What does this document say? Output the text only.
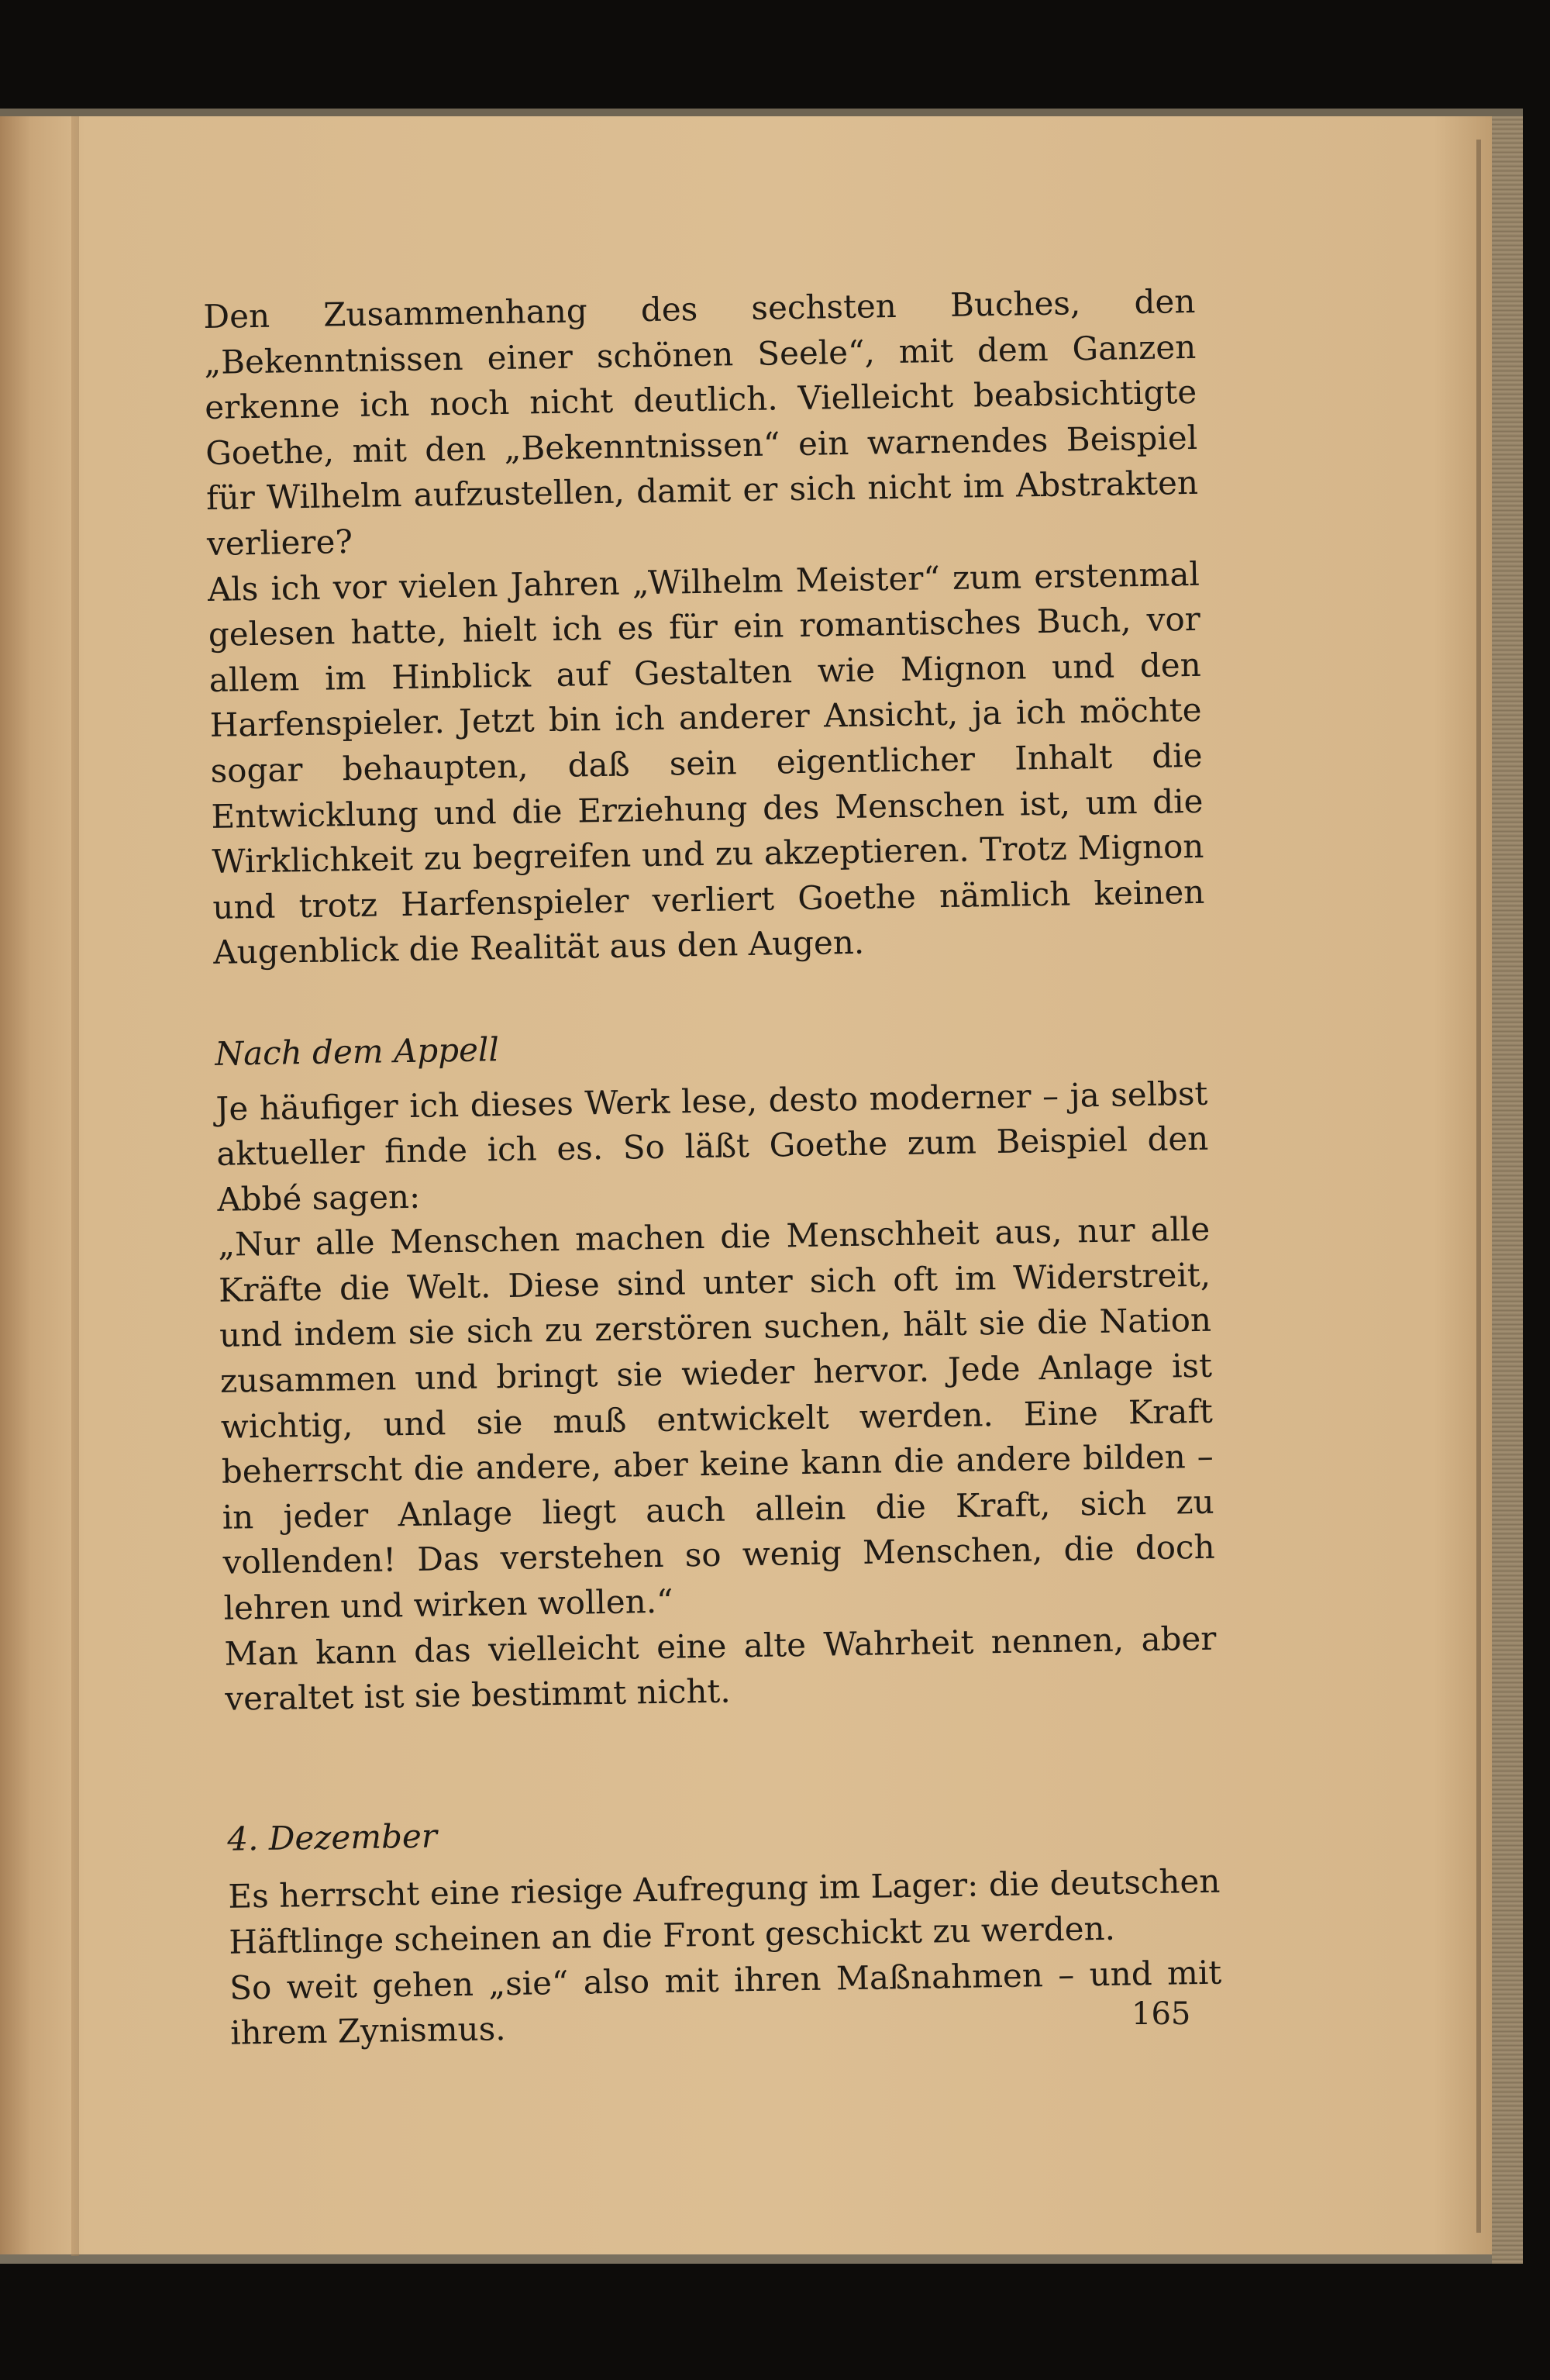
Den Zusammenhang des sechsten Buches, den „Bekenntnissen einer schönen Seele“, mit dem Ganzen erkenne ich noch nicht deutlich. Vielleicht beabsichtigte Goethe, mit den „Bekenntnissen“ ein warnendes Beispiel für Wilhelm aufzustellen, damit er sich nicht im Abstrakten verliere?

Als ich vor vielen Jahren „Wilhelm Meister“ zum erstenmal gelesen hatte, hielt ich es für ein romantisches Buch, vor allem im Hinblick auf Gestalten wie Mignon und den Harfenspieler. Jetzt bin ich anderer Ansicht, ja ich möchte sogar behaupten, daß sein eigentlicher Inhalt die Entwicklung und die Erziehung des Menschen ist, um die Wirklichkeit zu begreifen und zu akzeptieren. Trotz Mignon und trotz Harfenspieler verliert Goethe nämlich keinen Augenblick die Realität aus den Augen.

Nach dem Appell

Je häufiger ich dieses Werk lese, desto moderner – ja selbst aktueller finde ich es. So läßt Goethe zum Beispiel den Abbé sagen:

„Nur alle Menschen machen die Menschheit aus, nur alle Kräfte die Welt. Diese sind unter sich oft im Widerstreit, und indem sie sich zu zerstören suchen, hält sie die Nation zusammen und bringt sie wieder hervor. Jede Anlage ist wichtig, und sie muß entwickelt werden. Eine Kraft beherrscht die andere, aber keine kann die andere bilden – in jeder Anlage liegt auch allein die Kraft, sich zu vollenden! Das verstehen so wenig Menschen, die doch lehren und wirken wollen.“

Man kann das vielleicht eine alte Wahrheit nennen, aber veraltet ist sie bestimmt nicht.

4. Dezember

Es herrscht eine riesige Aufregung im Lager: die deutschen Häftlinge scheinen an die Front geschickt zu werden.

So weit gehen „sie“ also mit ihren Maßnahmen – und mit ihrem Zynismus.	165
